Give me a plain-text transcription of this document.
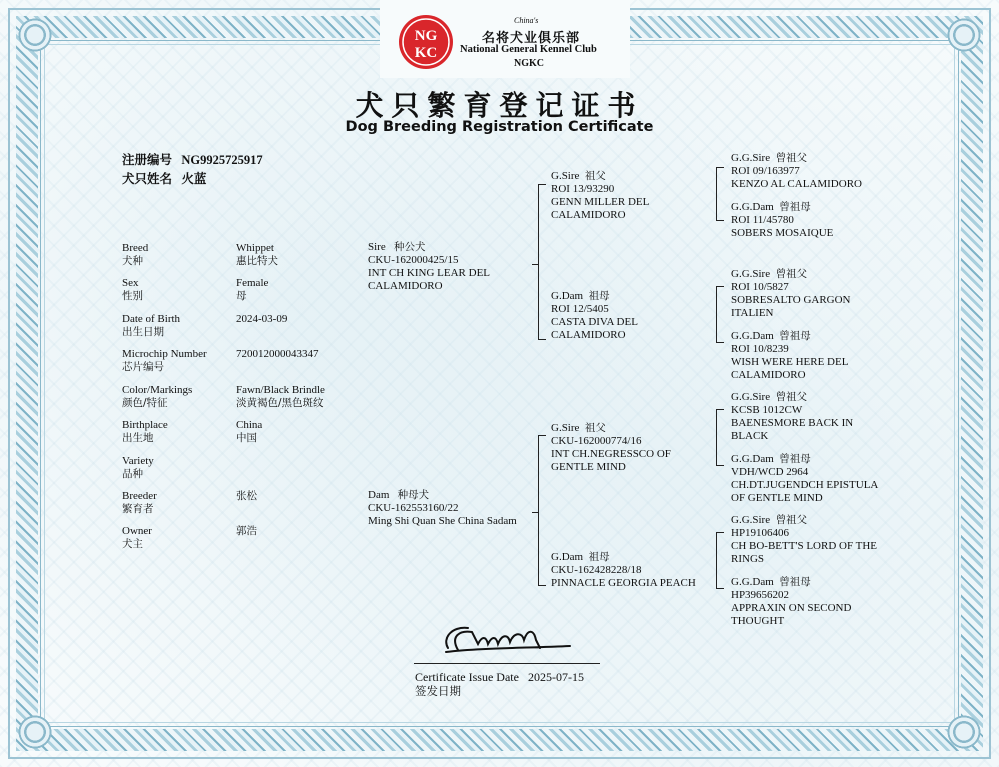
NG
KC
China's
名将犬业俱乐部
National General Kennel Club
NGKC
犬只繁育登记证书
Dog Breeding Registration Certificate
注册编号 NG9925725917
犬只姓名 火蓝
Breed
犬种
Whippet
惠比特犬
Sex
性别
Female
母
Date of Birth
出生日期
2024-03-09
Microchip Number
芯片编号
720012000043347
Color/Markings
颜色/特征
Fawn/Black Brindle
淡黄褐色/黑色斑纹
Birthplace
出生地
China
中国
Variety
品种
Breeder
繁育者
张松
Owner
犬主
郭浩
Sire 种公犬
CKU-162000425/15
INT CH KING LEAR DEL
CALAMIDORO
Dam 种母犬
CKU-162553160/22
Ming Shi Quan She China Sadam
G.Sire 祖父
ROI 13/93290
GENN MILLER DEL
CALAMIDORO
G.Dam 祖母
ROI 12/5405
CASTA DIVA DEL
CALAMIDORO
G.Sire 祖父
CKU-162000774/16
INT CH.NEGRESSCO OF
GENTLE MIND
G.Dam 祖母
CKU-162428228/18
PINNACLE GEORGIA PEACH
G.G.Sire 曾祖父
ROI 09/163977
KENZO AL CALAMIDORO
G.G.Dam 曾祖母
ROI 11/45780
SOBERS MOSAIQUE
G.G.Sire 曾祖父
ROI 10/5827
SOBRESALTO GARGON
ITALIEN
G.G.Dam 曾祖母
ROI 10/8239
WISH WERE HERE DEL
CALAMIDORO
G.G.Sire 曾祖父
KCSB 1012CW
BAENESMORE BACK IN
BLACK
G.G.Dam 曾祖母
VDH/WCD 2964
CH.DT.JUGENDCH EPISTULA
OF GENTLE MIND
G.G.Sire 曾祖父
HP19106406
CH BO-BETT'S LORD OF THE
RINGS
G.G.Dam 曾祖母
HP39656202
APPRAXIN ON SECOND
THOUGHT
Certificate Issue Date 2025-07-15
签发日期
